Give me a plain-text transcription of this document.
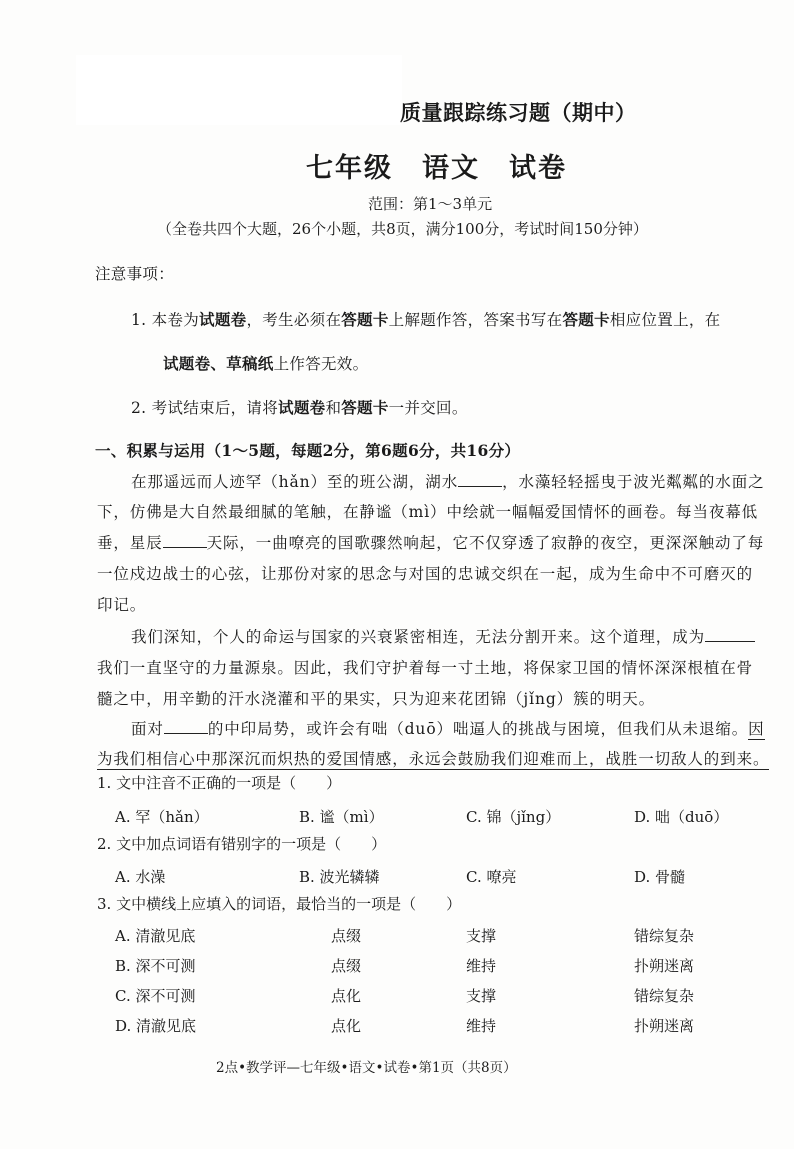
质量跟踪练习题（期中）
七年级　语文　试卷
范围：第1～3单元
（全卷共四个大题，26个小题，共8页，满分100分，考试时间150分钟）
注意事项：
1. 本卷为试题卷，考生必须在答题卡上解题作答，答案书写在答题卡相应位置上，在
试题卷、草稿纸上作答无效。
2. 考试结束后，请将试题卷和答题卡一并交回。
一、积累与运用（1～5题，每题2分，第6题6分，共16分）
在那遥远而人迹罕（hǎn）至的班公湖，湖水	，水藻轻轻摇曳于波光粼粼的水面之
下，仿佛是大自然最细腻的笔触，在静谧（mì）中绘就一幅幅爱国情怀的画卷。每当夜幕低
垂，星辰	天际，一曲嘹亮的国歌骤然响起，它不仅穿透了寂静的夜空，更深深触动了每
一位戍边战士的心弦，让那份对家的思念与对国的忠诚交织在一起，成为生命中不可磨灭的
印记。
我们深知，个人的命运与国家的兴衰紧密相连，无法分割开来。这个道理，成为
我们一直坚守的力量源泉。因此，我们守护着每一寸土地，将保家卫国的情怀深深根植在骨
髓之中，用辛勤的汗水浇灌和平的果实，只为迎来花团锦（jǐng）簇的明天。
面对	的中印局势，或许会有咄（duō）咄逼人的挑战与困境，但我们从未退缩。因
为我们相信心中那深沉而炽热的爱国情感，永远会鼓励我们迎难而上，战胜一切敌人的到来。
1. 文中注音不正确的一项是（　　）
A. 罕（hǎn）	B. 谧（mì）	C. 锦（jǐng）	D. 咄（duō）
2. 文中加点词语有错别字的一项是（　　）
A. 水澡	B. 波光辚辚	C. 嘹亮	D. 骨髓
3. 文中横线上应填入的词语，最恰当的一项是（　　）
A. 清澈见底	点缀	支撑	错综复杂
B. 深不可测	点缀	维持	扑朔迷离
C. 深不可测	点化	支撑	错综复杂
D. 清澈见底	点化	维持	扑朔迷离
2点•教学评—七年级•语文•试卷•第1页（共8页）
